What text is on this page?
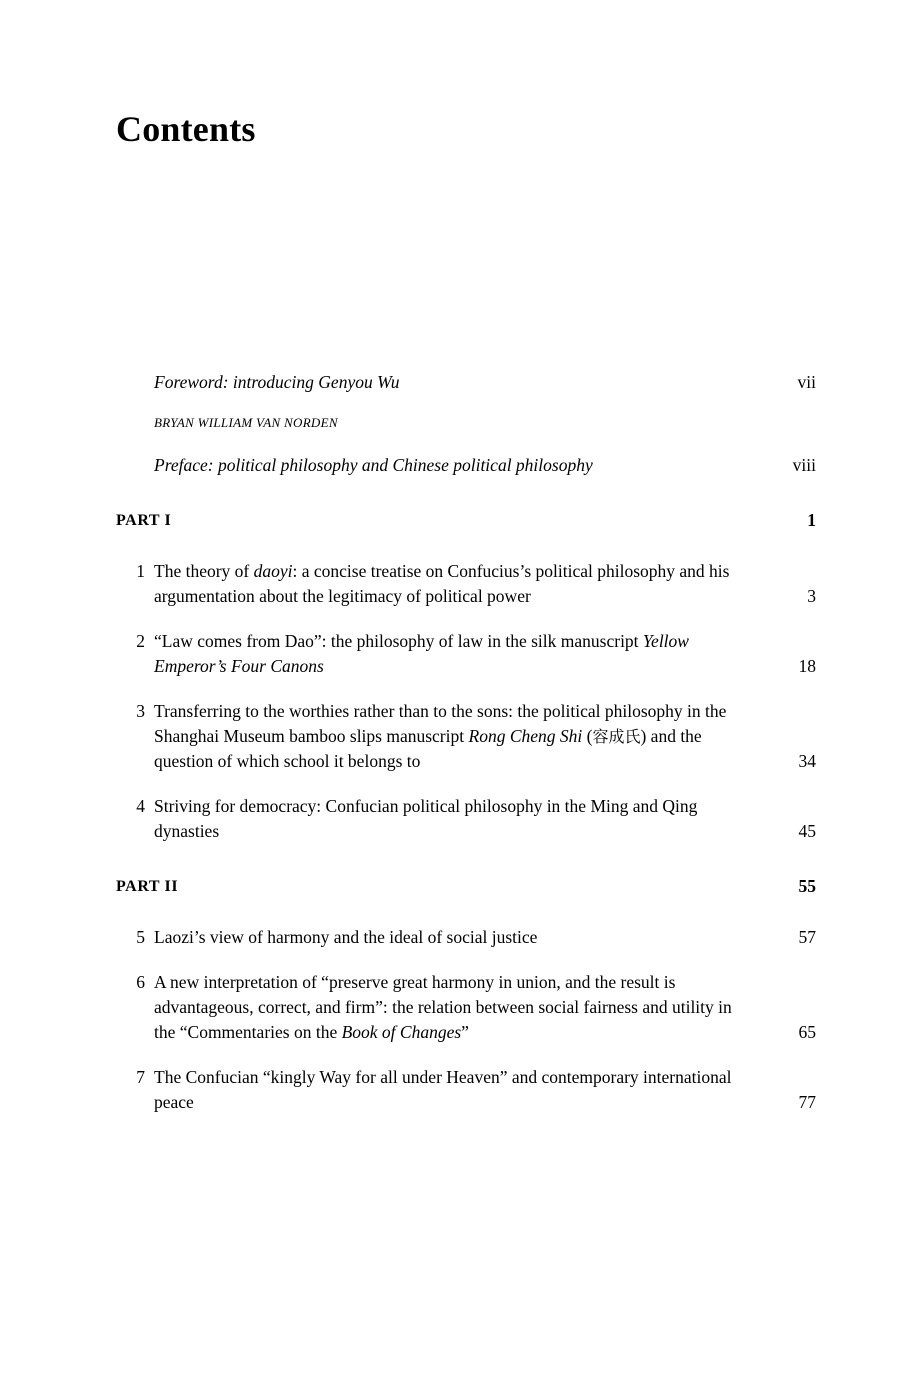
Contents
Foreword: introducing Genyou Wu	vii
BRYAN WILLIAM VAN NORDEN
Preface: political philosophy and Chinese political philosophy	viii
PART I	1
1 The theory of daoyi: a concise treatise on Confucius’s political philosophy and his argumentation about the legitimacy of political power	3
2 “Law comes from Dao”: the philosophy of law in the silk manuscript Yellow Emperor’s Four Canons	18
3 Transferring to the worthies rather than to the sons: the political philosophy in the Shanghai Museum bamboo slips manuscript Rong Cheng Shi (容成氏) and the question of which school it belongs to	34
4 Striving for democracy: Confucian political philosophy in the Ming and Qing dynasties	45
PART II	55
5 Laozi’s view of harmony and the ideal of social justice	57
6 A new interpretation of “preserve great harmony in union, and the result is advantageous, correct, and firm”: the relation between social fairness and utility in the “Commentaries on the Book of Changes”	65
7 The Confucian “kingly Way for all under Heaven” and contemporary international peace	77
